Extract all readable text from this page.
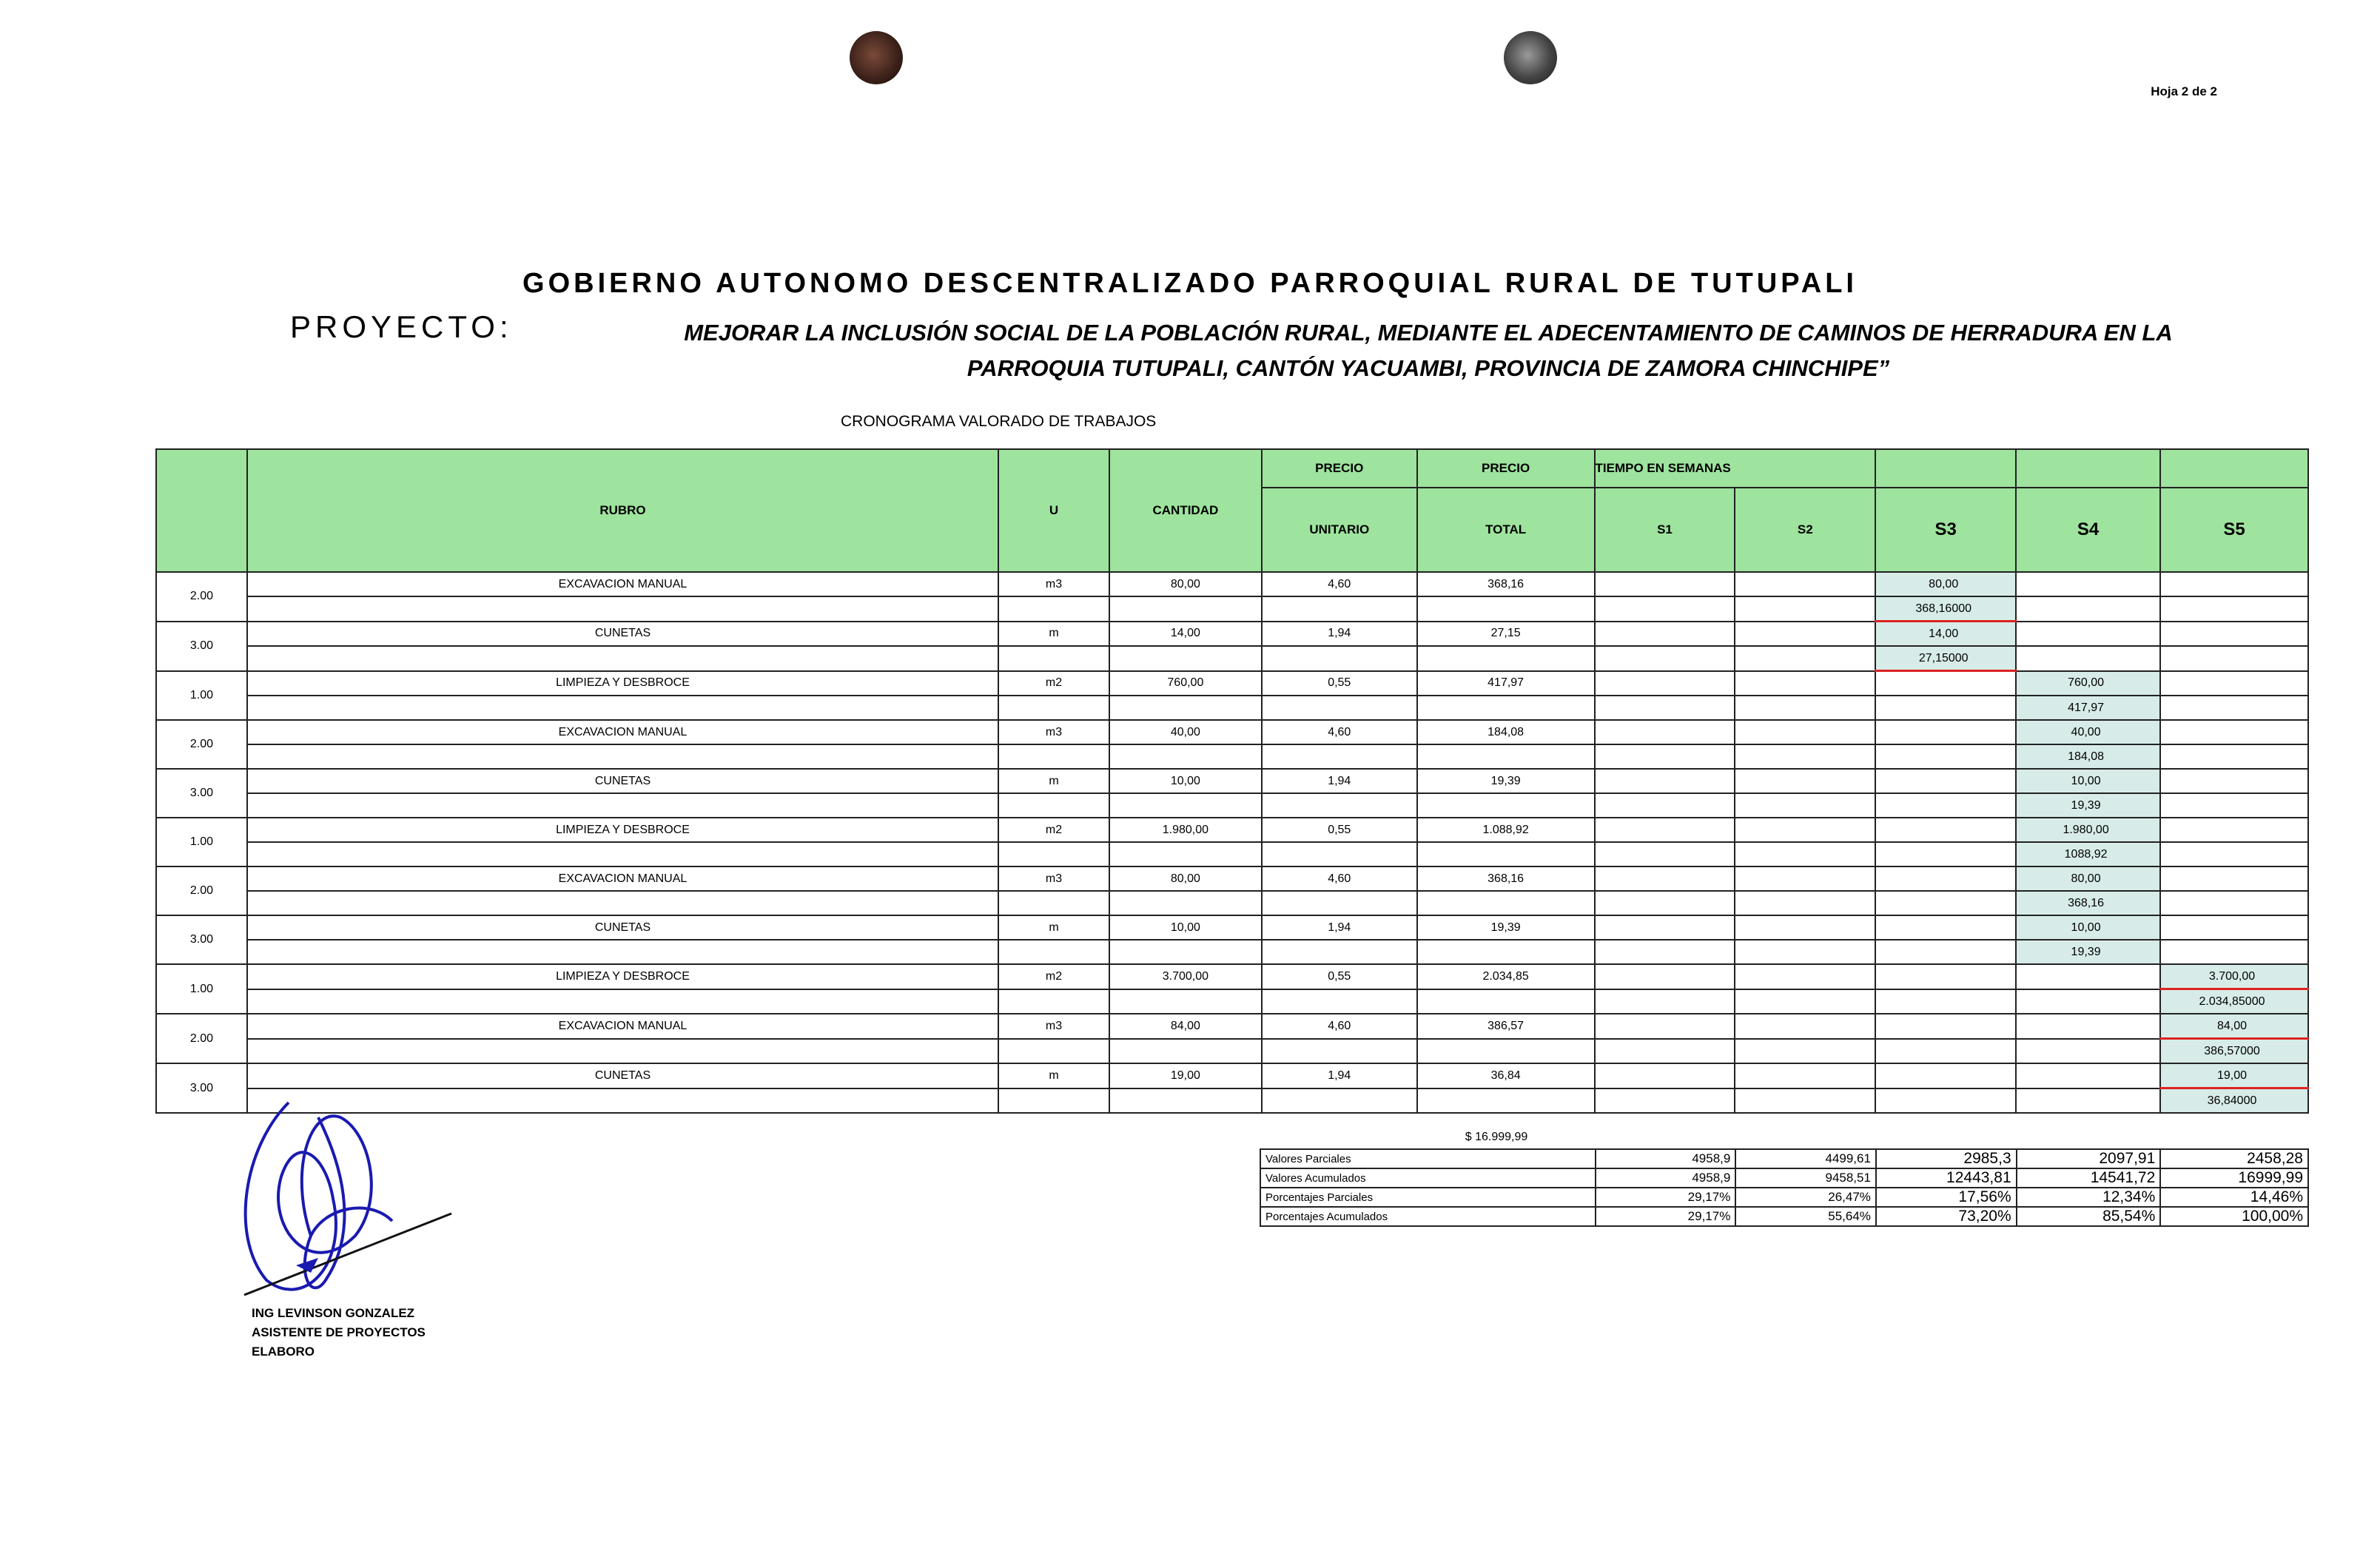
Hoja 2 de 2
GOBIERNO AUTONOMO DESCENTRALIZADO PARROQUIAL RURAL DE TUTUPALI
PROYECTO:	MEJORAR LA INCLUSIÓN SOCIAL DE LA POBLACIÓN RURAL, MEDIANTE EL ADECENTAMIENTO DE CAMINOS DE HERRADURA EN LA
PARROQUIA TUTUPALI, CANTÓN YACUAMBI, PROVINCIA DE ZAMORA CHINCHIPE”
CRONOGRAMA VALORADO DE TRABAJOS
	RUBRO	U	CANTIDAD	PRECIO	PRECIO	TIEMPO EN SEMANAS				
				UNITARIO	TOTAL	S1	S2	S3	S4	S5
2.00	EXCAVACION MANUAL	m3	80,00	4,60	368,16			80,00		
								368,16000		
3.00	CUNETAS	m	14,00	1,94	27,15			14,00		
								27,15000		
1.00	LIMPIEZA Y DESBROCE	m2	760,00	0,55	417,97				760,00	
									417,97	
2.00	EXCAVACION MANUAL	m3	40,00	4,60	184,08				40,00	
									184,08	
3.00	CUNETAS	m	10,00	1,94	19,39				10,00	
									19,39	
1.00	LIMPIEZA Y DESBROCE	m2	1.980,00	0,55	1.088,92				1.980,00	
									1088,92	
2.00	EXCAVACION MANUAL	m3	80,00	4,60	368,16				80,00	
									368,16	
3.00	CUNETAS	m	10,00	1,94	19,39				10,00	
									19,39	
1.00	LIMPIEZA Y DESBROCE	m2	3.700,00	0,55	2.034,85					3.700,00
										2.034,85000
2.00	EXCAVACION MANUAL	m3	84,00	4,60	386,57					84,00
										386,57000
3.00	CUNETAS	m	19,00	1,94	36,84					19,00
										36,84000
$ 16.999,99
Valores Parciales	4958,9	4499,61	2985,3	2097,91	2458,28
Valores Acumulados	4958,9	9458,51	12443,81	14541,72	16999,99
Porcentajes Parciales	29,17%	26,47%	17,56%	12,34%	14,46%
Porcentajes Acumulados	29,17%	55,64%	73,20%	85,54%	100,00%
ING LEVINSON GONZALEZ
ASISTENTE DE PROYECTOS
ELABORO
